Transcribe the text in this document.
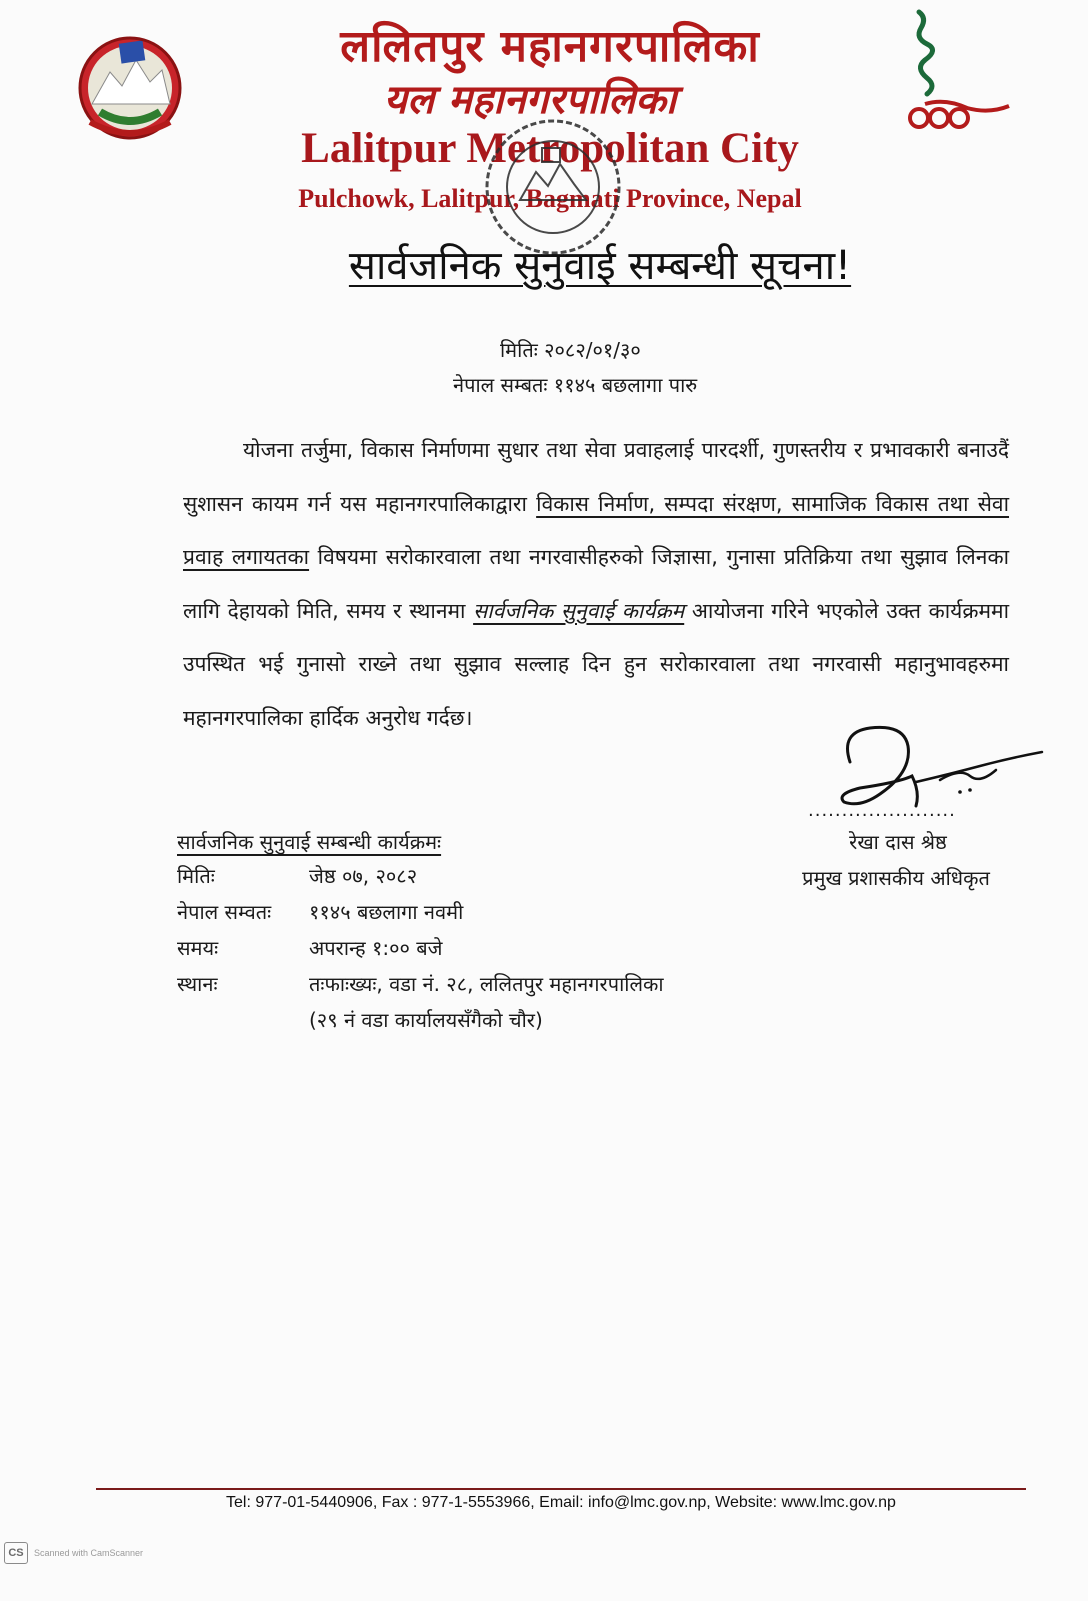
ललितपुर महानगरपालिका
यल महानगरपालिका
Lalitpur Metropolitan City
Pulchowk, Lalitpur, Bagmati Province, Nepal
सार्वजनिक सुनुवाई सम्बन्धी सूचना!
मितिः २०८२/०१/३०
नेपाल सम्बतः ११४५ बछलागा पारु
योजना तर्जुमा, विकास निर्माणमा सुधार तथा सेवा प्रवाहलाई पारदर्शी, गुणस्तरीय र प्रभावकारी बनाउदैं सुशासन कायम गर्न यस महानगरपालिकाद्वारा विकास निर्माण, सम्पदा संरक्षण, सामाजिक विकास तथा सेवा प्रवाह लगायतका विषयमा सरोकारवाला तथा नगरवासीहरुको जिज्ञासा, गुनासा प्रतिक्रिया तथा सुझाव लिनका लागि देहायको मिति, समय र स्थानमा सार्वजनिक सुनुवाई कार्यक्रम आयोजना गरिने भएकोले उक्त कार्यक्रममा उपस्थित भई गुनासो राख्ने तथा सुझाव सल्लाह दिन हुन सरोकारवाला तथा नगरवासी महानुभावहरुमा महानगरपालिका हार्दिक अनुरोध गर्दछ।
......................
रेखा दास श्रेष्ठ
प्रमुख प्रशासकीय अधिकृत
सार्वजनिक सुनुवाई सम्बन्धी कार्यक्रमः
मितिः	जेष्ठ ०७, २०८२
नेपाल सम्वतः ११४५ बछलागा नवमी
समयः	अपरान्ह १:०० बजे
स्थानः	तःफाःख्यः, वडा नं. २८, ललितपुर महानगरपालिका
(२९ नं वडा कार्यालयसँगैको चौर)
Tel: 977-01-5440906, Fax : 977-1-5553966, Email: info@lmc.gov.np, Website: www.lmc.gov.np
CS	Scanned with CamScanner
